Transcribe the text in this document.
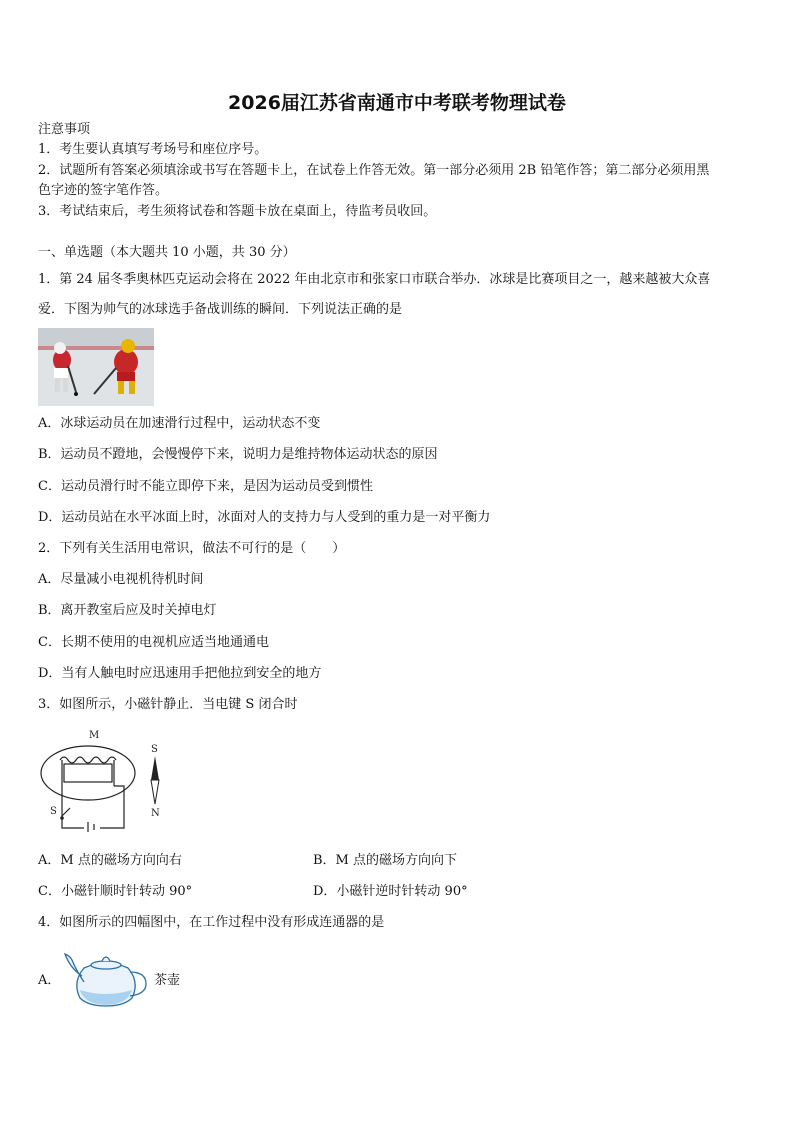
2026届江苏省南通市中考联考物理试卷
注意事项
1．考生要认真填写考场号和座位序号。
2．试题所有答案必须填涂或书写在答题卡上，在试卷上作答无效。第一部分必须用 2B 铅笔作答；第二部分必须用黑
色字迹的签字笔作答。
3．考试结束后，考生须将试卷和答题卡放在桌面上，待监考员收回。
一、单选题（本大题共 10 小题，共 30 分）
1．第 24 届冬季奥林匹克运动会将在 2022 年由北京市和张家口市联合举办．冰球是比赛项目之一，越来越被大众喜
爱．下图为帅气的冰球选手备战训练的瞬间．下列说法正确的是
A．冰球运动员在加速滑行过程中，运动状态不变
B．运动员不蹬地，会慢慢停下来，说明力是维持物体运动状态的原因
C．运动员滑行时不能立即停下来，是因为运动员受到惯性
D．运动员站在水平冰面上时，冰面对人的支持力与人受到的重力是一对平衡力
2．下列有关生活用电常识，做法不可行的是（　　）
A．尽量减小电视机待机时间
B．离开教室后应及时关掉电灯
C．长期不使用的电视机应适当地通通电
D．当有人触电时应迅速用手把他拉到安全的地方
3．如图所示，小磁针静止．当电键 S 闭合时
M
S
S
N
A．M 点的磁场方向向右	B．M 点的磁场方向向下
C．小磁针顺时针转动 90°	D．小磁针逆时针转动 90°
4．如图所示的四幅图中，在工作过程中没有形成连通器的是
A．	茶壶
